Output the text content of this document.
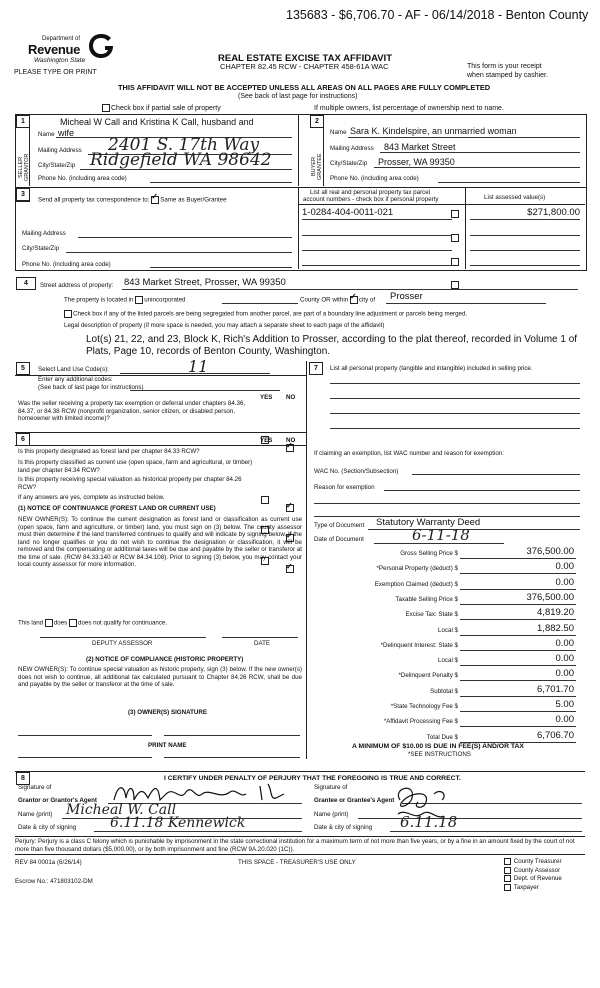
135683 - $6,706.70 - AF - 06/14/2018 - Benton County
Department of
Revenue
Washington State
PLEASE TYPE OR PRINT
REAL ESTATE EXCISE TAX AFFIDAVIT
CHAPTER 82.45 RCW - CHAPTER 458-61A WAC	This form is your receipt
when stamped by cashier.
THIS AFFIDAVIT WILL NOT BE ACCEPTED UNLESS ALL AREAS ON ALL PAGES ARE FULLY COMPLETED
(See back of last page for instructions)
Check box if partial sale of property	If multiple owners, list percentage of ownership next to name.
1	2
SELLER GRANTOR	BUYER GRANTEE
Micheal W Call and Kristina K Call, husband and
Name wife
Mailing Address 2401 S. 17th Way
City/State/Zip Ridgefield WA 98642
Phone No. (including area code)
Name Sara K. Kindelspire, an unmarried woman
Mailing Address 843 Market Street
City/State/Zip Prosser, WA 99350
Phone No. (including area code)
3
Send all property tax correspondence to: ✓ Same as Buyer/Grantee
Mailing Address
City/State/Zip
Phone No. (including area code)
List all real and personal property tax parcel
account numbers - check box if personal property	List assessed value(s)
1-0284-404-0011-021	$271,800.00
4	Street address of property: 843 Market Street, Prosser, WA 99350
The property is located in unincorporated	County OR within ✓ city of Prosser
Check box if any of the listed parcels are being segregated from another parcel, are part of a boundary line adjustment or parcels being merged.
Legal description of property (if more space is needed, you may attach a separate sheet to each page of the affidavit)
Lot(s) 21, 22, and 23, Block K, Rich's Addition to Prosser, according to the plat thereof, recorded in Volume 1 of
Plats, Page 10, records of Benton County, Washington.
5	Select Land Use Code(s):	11
Enter any additional codes:
(See back of last page for instructions)
YES NO
Was the seller receiving a property tax exemption or deferral under chapters 84.36, 84.37, or 84.38 RCW (nonprofit organization, senior citizen, or disabled person, homeowner with limited income)?
✓
6	YES NO
Is this property designated as forest land per chapter 84.33 RCW?
✓
Is this property classified as current use (open space, farm and agricultural, or timber) land per chapter 84.34 RCW?
✓
Is this property receiving special valuation as historical property per chapter 84.26 RCW?
✓
If any answers are yes, complete as instructed below.
(1) NOTICE OF CONTINUANCE (FOREST LAND OR CURRENT USE)
NEW OWNER(S): To continue the current designation as forest land or classification as current use (open space, farm and agriculture, or timber) land, you must sign on (3) below. The county assessor must then determine if the land transferred continues to qualify and will indicate by signing below. If the land no longer qualifies or you do not wish to continue the designation or classification, it will be removed and the compensating or additional taxes will be due and payable by the seller or transferor at the time of sale. (RCW 84.33.140 or RCW 84.34.108). Prior to signing (3) below, you may contact your local county assessor for more information.
This land does does not qualify for continuance.
DEPUTY ASSESSOR	DATE
(2) NOTICE OF COMPLIANCE (HISTORIC PROPERTY)
NEW OWNER(S): To continue special valuation as historic property, sign (3) below. If the new owner(s) does not wish to continue, all additional tax calculated pursuant to Chapter 84.26 RCW, shall be due and payable by the seller or transferor at the time of sale.
(3) OWNER(S) SIGNATURE
PRINT NAME
7	List all personal property (tangible and intangible) included in selling price.
If claiming an exemption, list WAC number and reason for exemption:
WAC No. (Section/Subsection)
Reason for exemption
Type of Document Statutory Warranty Deed
Date of Document	6-11-18
Gross Selling Price $	376,500.00
*Personal Property (deduct) $	0.00
Exemption Claimed (deduct) $	0.00
Taxable Selling Price $	376,500.00
Excise Tax: State $	4,819.20
Local $	1,882.50
*Delinquent Interest: State $	0.00
Local $	0.00
*Delinquent Penalty $	0.00
Subtotal $	6,701.70
*State Technology Fee $	5.00
*Affidavit Processing Fee $	0.00
Total Due $	6,706.70
A MINIMUM OF $10.00 IS DUE IN FEE(S) AND/OR TAX
*SEE INSTRUCTIONS
8	I CERTIFY UNDER PENALTY OF PERJURY THAT THE FOREGOING IS TRUE AND CORRECT.
Signature of
Grantor or Grantor's Agent
Name (print) Micheal W. Call
Date & city of signing 6.11.18 Kennewick
Signature of
Grantee or Grantee's Agent
Name (print)
Date & city of signing 6.11.18
Perjury: Perjury is a class C felony which is punishable by imprisonment in the state correctional institution for a maximum term of not more than five years, or by a fine in an amount fixed by the court of not more than five thousand dollars ($5,000.00), or by both imprisonment and fine (RCW 9A.20.020 (1C)).
REV 84 0001a (6/26/14)	THIS SPACE - TREASURER'S USE ONLY
Escrow No.: 471803102-DM
County Treasurer
County Assessor
Dept. of Revenue
Taxpayer
